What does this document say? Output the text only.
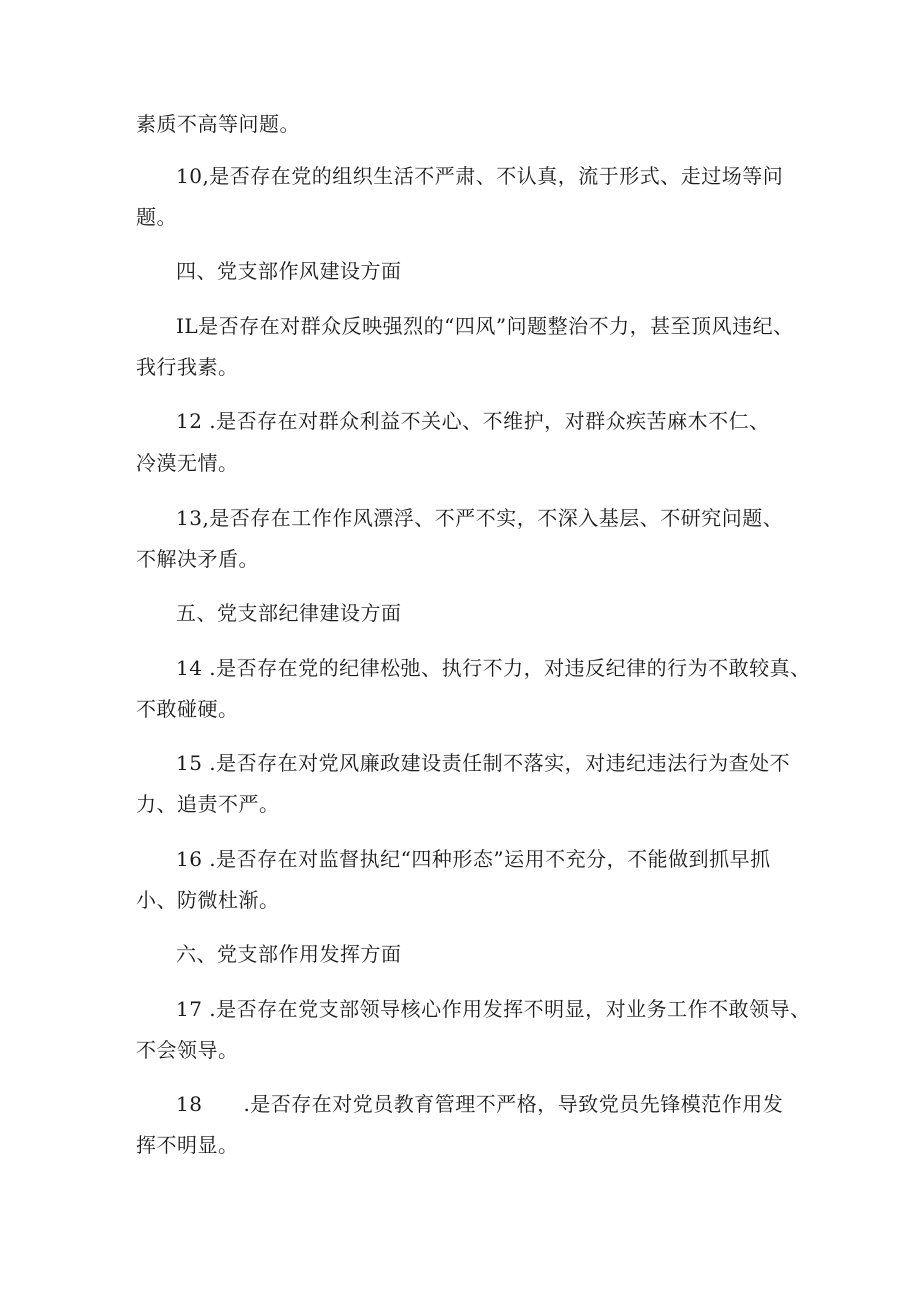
素质不高等问题。
10,是否存在党的组织生活不严肃、不认真，流于形式、走过场等问
题。
四、党支部作风建设方面
IL是否存在对群众反映强烈的“四风”问题整治不力，甚至顶风违纪、
我行我素。
12 .是否存在对群众利益不关心、不维护，对群众疾苦麻木不仁、
冷漠无情。
13,是否存在工作作风漂浮、不严不实，不深入基层、不研究问题、
不解决矛盾。
五、党支部纪律建设方面
14 .是否存在党的纪律松弛、执行不力，对违反纪律的行为不敢较真、
不敢碰硬。
15 .是否存在对党风廉政建设责任制不落实，对违纪违法行为查处不
力、追责不严。
16 .是否存在对监督执纪“四种形态”运用不充分，不能做到抓早抓
小、防微杜渐。
六、党支部作用发挥方面
17 .是否存在党支部领导核心作用发挥不明显，对业务工作不敢领导、
不会领导。
18　　.是否存在对党员教育管理不严格，导致党员先锋模范作用发
挥不明显。
